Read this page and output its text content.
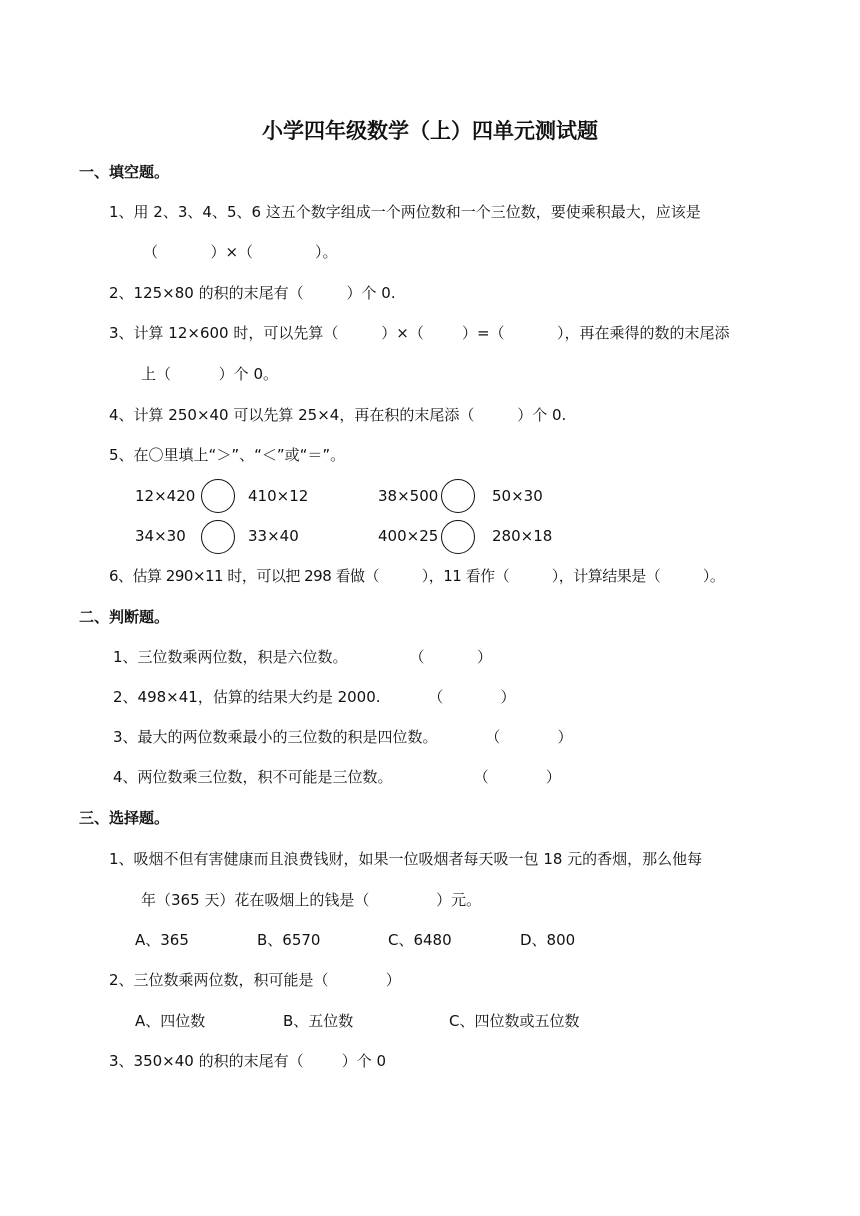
小学四年级数学（上）四单元测试题
一、填空题。
1、用 2、3、4、5、6 这五个数字组成一个两位数和一个三位数，要使乘积最大，应该是
（           ）×（             ）。
2、125×80 的积的末尾有（         ）个 0.
3、计算 12×600 时，可以先算（         ）×（        ）=（           ），再在乘得的数的末尾添
上（          ）个 0。
4、计算 250×40 可以先算 25×4，再在积的末尾添（         ）个 0.
5、在〇里填上“＞”、“＜”或“＝”。
12×420	410×12	38×500	50×30
34×30	33×40	400×25	280×18
6、估算 290×11 时，可以把 298 看做（          ），11 看作（          ），计算结果是（          ）。
二、判断题。
1、三位数乘两位数，积是六位数。             （           ）
2、498×41，估算的结果大约是 2000.          （            ）
3、最大的两位数乘最小的三位数的积是四位数。          （            ）
4、两位数乘三位数，积不可能是三位数。                 （            ）
三、选择题。
1、吸烟不但有害健康而且浪费钱财，如果一位吸烟者每天吸一包 18 元的香烟，那么他每
年（365 天）花在吸烟上的钱是（              ）元。
A、365	B、6570	C、6480	D、800
2、三位数乘两位数，积可能是（            ）
A、四位数	B、五位数	C、四位数或五位数
3、350×40 的积的末尾有（        ）个 0
